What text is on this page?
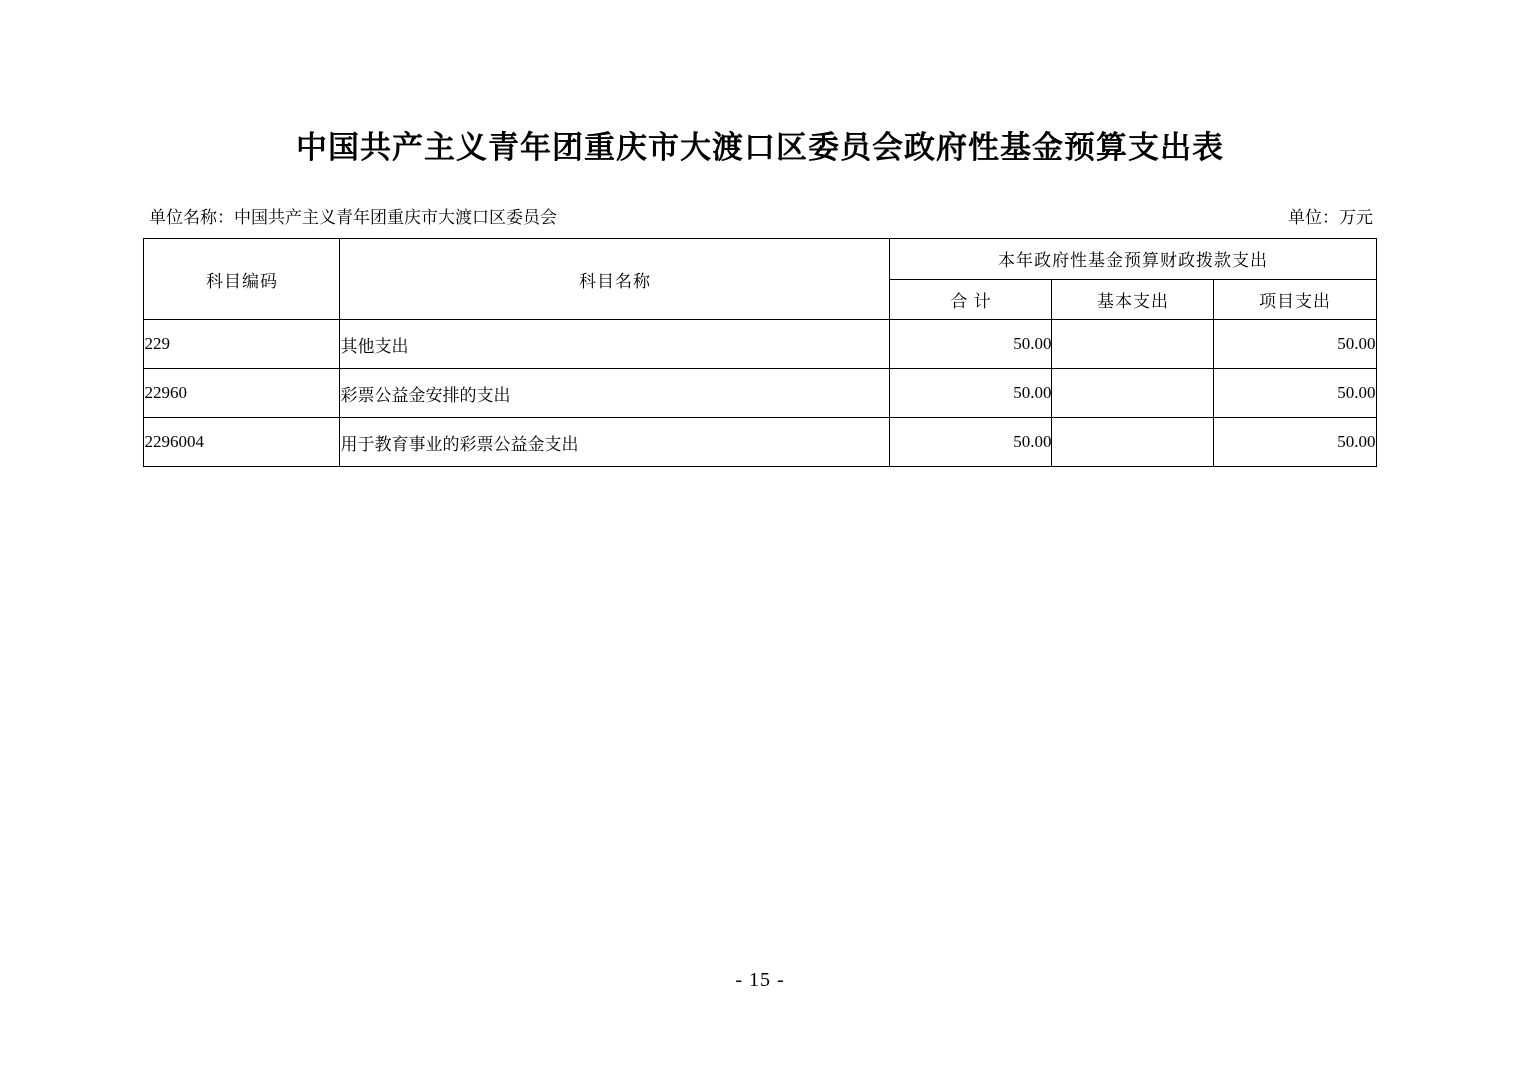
中国共产主义青年团重庆市大渡口区委员会政府性基金预算支出表
单位名称：中国共产主义青年团重庆市大渡口区委员会	单位：万元
科目编码	科目名称	本年政府性基金预算财政拨款支出		
		合 计	基本支出	项目支出
229	其他支出	50.00		50.00
22960	彩票公益金安排的支出	50.00		50.00
2296004	用于教育事业的彩票公益金支出	50.00		50.00
- 15 -
